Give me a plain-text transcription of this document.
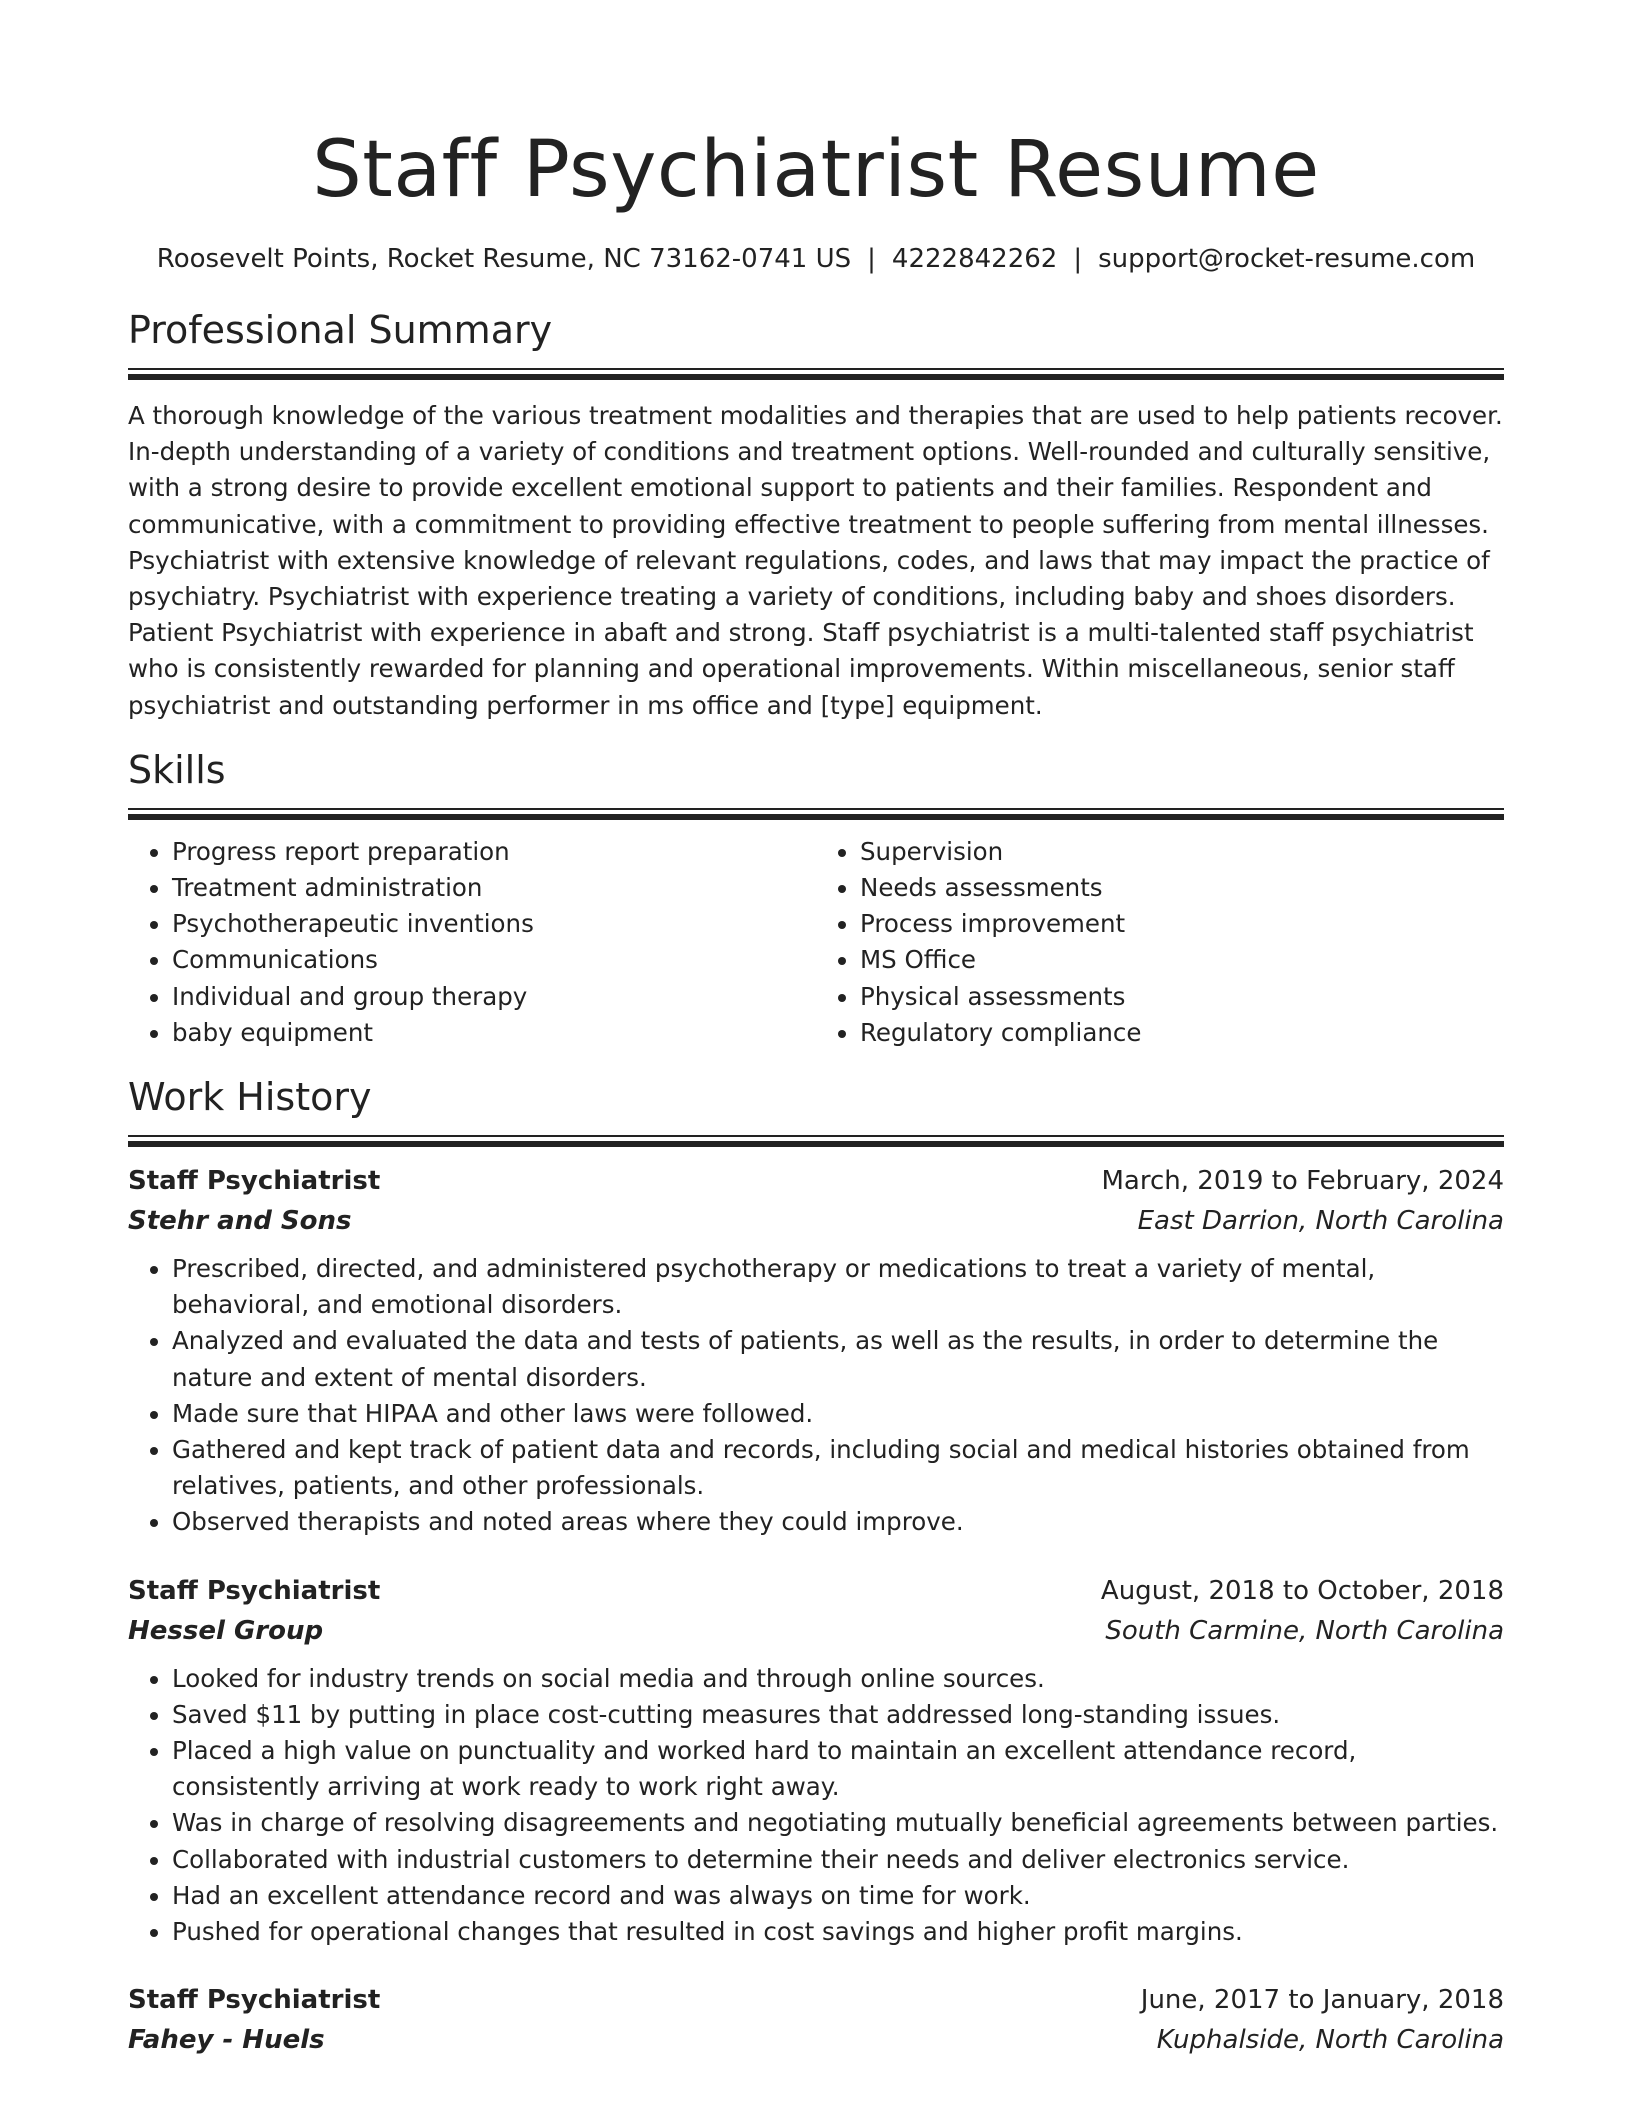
Staff Psychiatrist Resume
Roosevelt Points, Rocket Resume, NC 73162-0741 US | 4222842262 | support@rocket-resume.com
Professional Summary

A thorough knowledge of the various treatment modalities and therapies that are used to help patients recover. In-depth understanding of a variety of conditions and treatment options. Well-rounded and culturally sensitive, with a strong desire to provide excellent emotional support to patients and their families. Respondent and communicative, with a commitment to providing effective treatment to people suffering from mental illnesses. Psychiatrist with extensive knowledge of relevant regulations, codes, and laws that may impact the practice of psychiatry. Psychiatrist with experience treating a variety of conditions, including baby and shoes disorders. Patient Psychiatrist with experience in abaft and strong. Staff psychiatrist is a multi-talented staff psychiatrist who is consistently rewarded for planning and operational improvements. Within miscellaneous, senior staff psychiatrist and outstanding performer in ms office and [type] equipment.

Skills
• Progress report preparation
• Treatment administration
• Psychotherapeutic inventions
• Communications
• Individual and group therapy
• baby equipment
• Supervision
• Needs assessments
• Process improvement
• MS Office
• Physical assessments
• Regulatory compliance
Work History
Staff Psychiatrist	March, 2019 to February, 2024
Stehr and Sons	East Darrion, North Carolina
• Prescribed, directed, and administered psychotherapy or medications to treat a variety of mental, behavioral, and emotional disorders.
• Analyzed and evaluated the data and tests of patients, as well as the results, in order to determine the nature and extent of mental disorders.
• Made sure that HIPAA and other laws were followed.
• Gathered and kept track of patient data and records, including social and medical histories obtained from relatives, patients, and other professionals.
• Observed therapists and noted areas where they could improve.
Staff Psychiatrist	August, 2018 to October, 2018
Hessel Group	South Carmine, North Carolina
• Looked for industry trends on social media and through online sources.
• Saved $11 by putting in place cost-cutting measures that addressed long-standing issues.
• Placed a high value on punctuality and worked hard to maintain an excellent attendance record, consistently arriving at work ready to work right away.
• Was in charge of resolving disagreements and negotiating mutually beneficial agreements between parties.
• Collaborated with industrial customers to determine their needs and deliver electronics service.
• Had an excellent attendance record and was always on time for work.
• Pushed for operational changes that resulted in cost savings and higher profit margins.
Staff Psychiatrist	June, 2017 to January, 2018
Fahey - Huels	Kuphalside, North Carolina
